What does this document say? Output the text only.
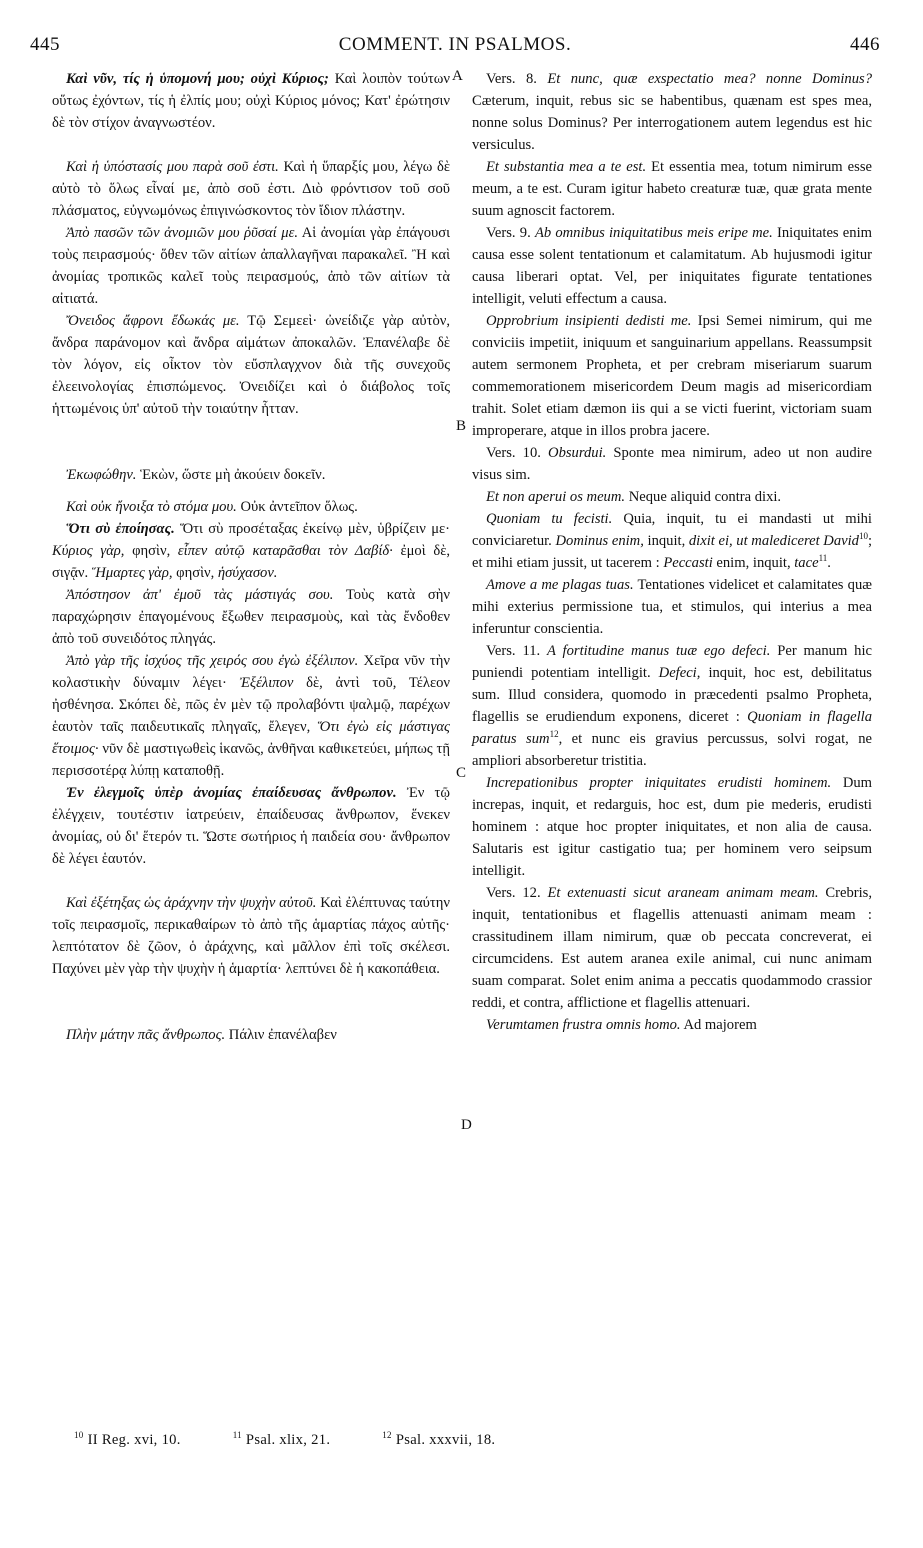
445	COMMENT. IN PSALMOS.	446
A
B
C
D

Καὶ νῦν, τίς ἡ ὑπομονή μου; οὐχὶ Κύριος; Καὶ λοιπὸν τούτων οὕτως ἐχόντων, τίς ἡ ἐλπίς μου; οὐχὶ Κύριος μόνος; Κατ' ἐρώτησιν δὲ τὸν στίχον ἀναγνωστέον.

Καὶ ἡ ὑπόστασίς μου παρὰ σοῦ ἐστι. Καὶ ἡ ὕπαρξίς μου, λέγω δὲ αὐτὸ τὸ ὅλως εἶναί με, ἀπὸ σοῦ ἐστι. Διὸ φρόντισον τοῦ σοῦ πλάσματος, εὐγνωμόνως ἐπιγινώσκοντος τὸν ἴδιον πλάστην.

Ἀπὸ πασῶν τῶν ἀνομιῶν μου ῥῦσαί με. Αἱ ἀνομίαι γὰρ ἐπάγουσι τοὺς πειρασμούς· ὅθεν τῶν αἰτίων ἀπαλλαγῆναι παρακαλεῖ. Ἢ καὶ ἀνομίας τροπικῶς καλεῖ τοὺς πειρασμούς, ἀπὸ τῶν αἰτίων τὰ αἰτιατά.

Ὄνειδος ἄφρονι ἔδωκάς με. Τῷ Σεμεεὶ· ὠνείδιζε γὰρ αὐτὸν, ἄνδρα παράνομον καὶ ἄνδρα αἱμάτων ἀποκαλῶν. Ἐπανέλαβε δὲ τὸν λόγον, εἰς οἶκτον τὸν εὔσπλαγχνον διὰ τῆς συνεχοῦς ἐλεεινολογίας ἐπισπώμενος. Ὀνειδίζει καὶ ὁ διάβολος τοῖς ἡττωμένοις ὑπ' αὐτοῦ τὴν τοιαύτην ἧτταν.

Ἐκωφώθην. Ἑκὼν, ὥστε μὴ ἀκούειν δοκεῖν.

Καὶ οὐκ ἤνοιξα τὸ στόμα μου. Οὐκ ἀντεῖπον ὅλως.

Ὅτι σὺ ἐποίησας. Ὅτι σὺ προσέταξας ἐκείνῳ μὲν, ὑβρίζειν με· Κύριος γὰρ, φησὶν, εἶπεν αὐτῷ καταρᾶσθαι τὸν Δαβίδ· ἐμοὶ δὲ, σιγᾷν. Ἥμαρτες γὰρ, φησὶν, ἡσύχασον.

Ἀπόστησον ἀπ' ἐμοῦ τὰς μάστιγάς σου. Τοὺς κατὰ σὴν παραχώρησιν ἐπαγομένους ἔξωθεν πειρασμοὺς, καὶ τὰς ἔνδοθεν ἀπὸ τοῦ συνειδότος πληγάς.

Ἀπὸ γὰρ τῆς ἰσχύος τῆς χειρός σου ἐγὼ ἐξέλιπον. Χεῖρα νῦν τὴν κολαστικὴν δύναμιν λέγει· Ἐξέλιπον δὲ, ἀντὶ τοῦ, Τέλεον ἠσθένησα. Σκόπει δὲ, πῶς ἐν μὲν τῷ προλαβόντι ψαλμῷ, παρέχων ἑαυτὸν ταῖς παιδευτικαῖς πληγαῖς, ἔλεγεν, Ὅτι ἐγὼ εἰς μάστιγας ἕτοιμος· νῦν δὲ μαστιγωθεὶς ἱκανῶς, ἀνθῆναι καθικετεύει, μήπως τῇ περισσοτέρᾳ λύπῃ καταποθῇ.

Ἐν ἐλεγμοῖς ὑπὲρ ἀνομίας ἐπαίδευσας ἄνθρωπον. Ἐν τῷ ἐλέγχειν, τουτέστιν ἰατρεύειν, ἐπαίδευσας ἄνθρωπον, ἕνεκεν ἀνομίας, οὐ δι' ἕτερόν τι. Ὥστε σωτήριος ἡ παιδεία σου· ἄνθρωπον δὲ λέγει ἑαυτόν.

Καὶ ἐξέτηξας ὡς ἀράχνην τὴν ψυχὴν αὐτοῦ. Καὶ ἐλέπτυνας ταύτην τοῖς πειρασμοῖς, περικαθαίρων τὸ ἀπὸ τῆς ἁμαρτίας πάχος αὐτῆς· λεπτότατον δὲ ζῶον, ὁ ἀράχνης, καὶ μᾶλλον ἐπὶ τοῖς σκέλεσι. Παχύνει μὲν γὰρ τὴν ψυχὴν ἡ ἁμαρτία· λεπτύνει δὲ ἡ κακοπάθεια.

Πλὴν μάτην πᾶς ἄνθρωπος. Πάλιν ἐπανέλαβεν

Vers. 8. Et nunc, quæ exspectatio mea? nonne Dominus? Cæterum, inquit, rebus sic se habentibus, quænam est spes mea, nonne solus Dominus? Per interrogationem autem legendus est hic versiculus.

Et substantia mea a te est. Et essentia mea, totum nimirum esse meum, a te est. Curam igitur habeto creaturæ tuæ, quæ grata mente suum agnoscit factorem.

Vers. 9. Ab omnibus iniquitatibus meis eripe me. Iniquitates enim causa esse solent tentationum et calamitatum. Ab hujusmodi igitur causa liberari optat. Vel, per iniquitates figurate tentationes intelligit, veluti effectum a causa.

Opprobrium insipienti dedisti me. Ipsi Semei nimirum, qui me conviciis impetiit, iniquum et sanguinarium appellans. Reassumpsit autem sermonem Propheta, et per crebram miseriarum suarum commemorationem misericordem Deum magis ad misericordiam trahit. Solet etiam dæmon iis qui a se victi fuerint, victoriam suam improperare, atque in illos probra jacere.

Vers. 10. Obsurdui. Sponte mea nimirum, adeo ut non audire visus sim.

Et non aperui os meum. Neque aliquid contra dixi.

Quoniam tu fecisti. Quia, inquit, tu ei mandasti ut mihi conviciaretur. Dominus enim, inquit, dixit ei, ut malediceret David$^{10}$; et mihi etiam jussit, ut tacerem : Peccasti enim, inquit, tace$^{11}$.

Amove a me plagas tuas. Tentationes videlicet et calamitates quæ mihi exterius permissione tua, et stimulos, qui interius a mea inferuntur conscientia.

Vers. 11. A fortitudine manus tuæ ego defeci. Per manum hic puniendi potentiam intelligit. Defeci, inquit, hoc est, debilitatus sum. Illud considera, quomodo in præcedenti psalmo Propheta, flagellis se erudiendum exponens, diceret : Quoniam in flagella paratus sum$^{12}$, et nunc eis gravius percussus, solvi rogat, ne ampliori absorberetur tristitia.

Increpationibus propter iniquitates erudisti hominem. Dum increpas, inquit, et redarguis, hoc est, dum pie mederis, erudisti hominem : atque hoc propter iniquitates, et non alia de causa. Salutaris est igitur castigatio tua; per hominem vero seipsum intelligit.

Vers. 12. Et extenuasti sicut araneam animam meam. Crebris, inquit, tentationibus et flagellis attenuasti animam meam : crassitudinem illam nimirum, quæ ob peccata concreverat, ei circumcidens. Est autem aranea exile animal, cui nunc animam suam comparat. Solet enim anima a peccatis quodammodo crassior reddi, et contra, afflictione et flagellis attenuari.

Verumtamen frustra omnis homo. Ad majorem

$^{10}$ II Reg. xvi, 10.	$^{11}$ Psal. xlix, 21.	$^{12}$ Psal. xxxvii, 18.
